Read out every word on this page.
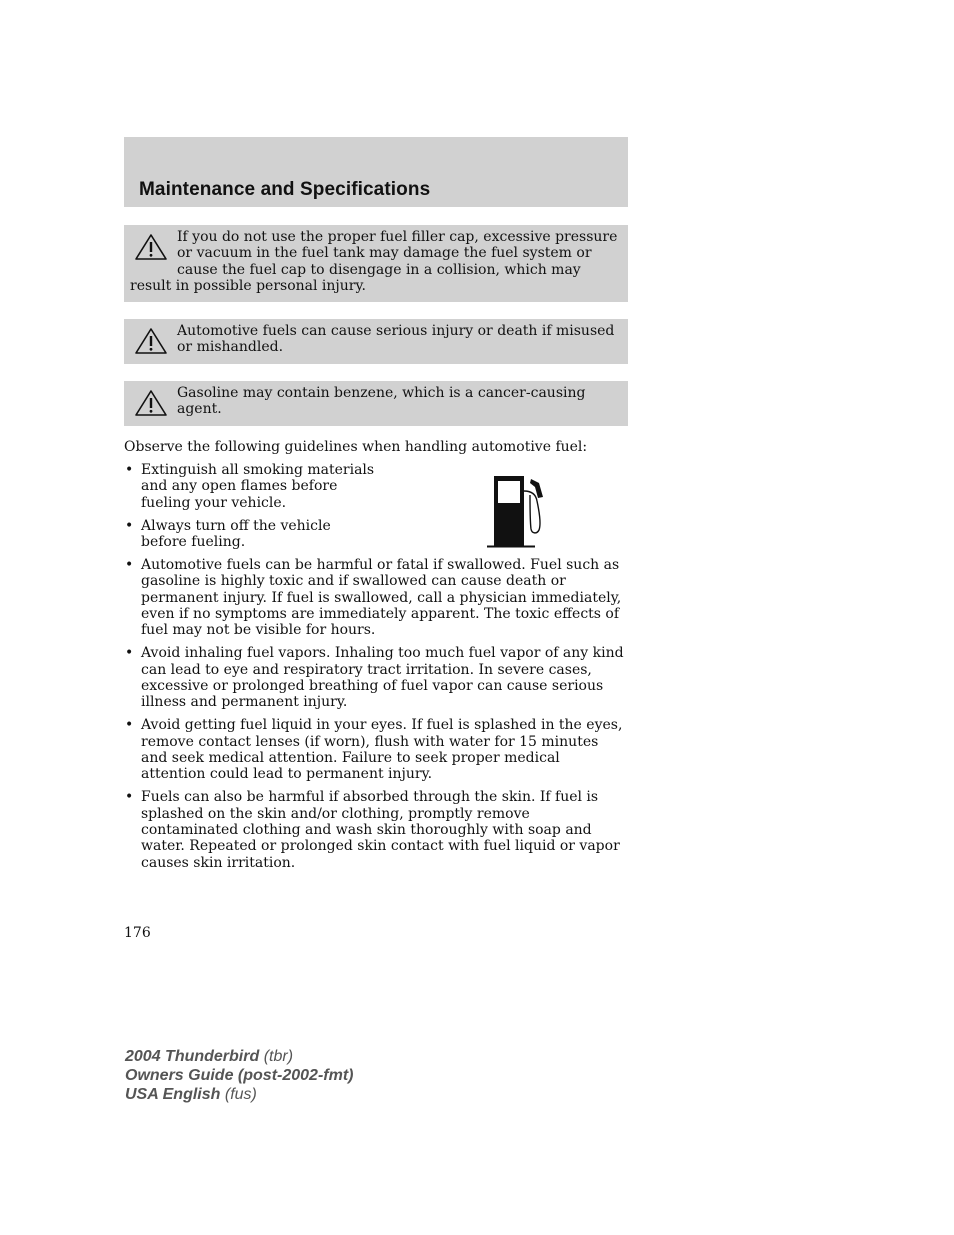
Maintenance and Specifications

If you do not use the proper fuel filler cap, excessive pressure or vacuum in the fuel tank may damage the fuel system or cause the fuel cap to disengage in a collision, which may result in possible personal injury.

Automotive fuels can cause serious injury or death if misused or mishandled.

Gasoline may contain benzene, which is a cancer-causing agent.

Observe the following guidelines when handling automotive fuel:

• Extinguish all smoking materials and any open flames before fueling your vehicle.
• Always turn off the vehicle before fueling.
• Automotive fuels can be harmful or fatal if swallowed. Fuel such as gasoline is highly toxic and if swallowed can cause death or permanent injury. If fuel is swallowed, call a physician immediately, even if no symptoms are immediately apparent. The toxic effects of fuel may not be visible for hours.
• Avoid inhaling fuel vapors. Inhaling too much fuel vapor of any kind can lead to eye and respiratory tract irritation. In severe cases, excessive or prolonged breathing of fuel vapor can cause serious illness and permanent injury.
• Avoid getting fuel liquid in your eyes. If fuel is splashed in the eyes, remove contact lenses (if worn), flush with water for 15 minutes and seek medical attention. Failure to seek proper medical attention could lead to permanent injury.
• Fuels can also be harmful if absorbed through the skin. If fuel is splashed on the skin and/or clothing, promptly remove contaminated clothing and wash skin thoroughly with soap and water. Repeated or prolonged skin contact with fuel liquid or vapor causes skin irritation.

176

2004 Thunderbird (tbr)
Owners Guide (post-2002-fmt)
USA English (fus)
